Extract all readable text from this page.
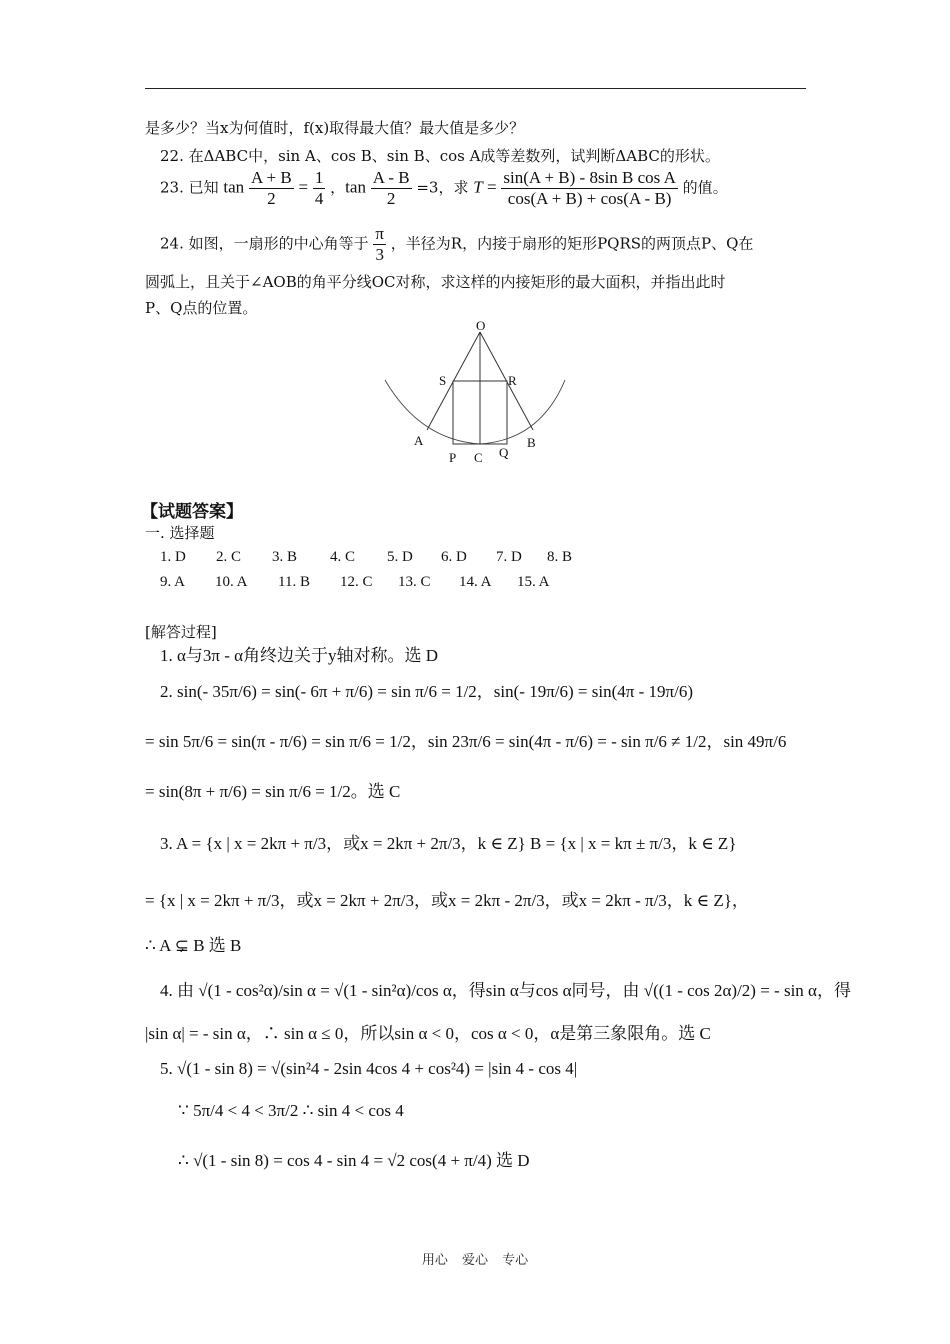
是多少？当x为何值时，f(x)取得最大值？最大值是多少？
22. 在ΔABC中，sin A、cos B、sin B、cos A成等差数列，试判断ΔABC的形状。
23. 已知 $\tan \frac{A + B}{2} = \frac{1}{4}$ ，$\tan \frac{A - B}{2} =3$，求 $T = \frac{\text{sin(A + B) - 8sin B cos A}}{\cos(A + B) + \cos(A - B)}$ 的值。
24. 如图，一扇形的中心角等于 $\frac{\pi}{3}$ ，半径为R，内接于扇形的矩形PQRS的两顶点P、Q在
圆弧上，且关于∠AOB的角平分线OC对称，求这样的内接矩形的最大面积，并指出此时
P、Q点的位置。
O
S	R
A	B
P C Q
【试题答案】
一. 选择题
1. D 2. C 3. B 4. C 5. D 6. D 7. D 8. B
9. A 10. A 11. B 12. C 13. C 14. A 15. A
[解答过程]
1. α与3π - α角终边关于y轴对称。选 D
2. sin(- 35π/6) = sin(- 6π + π/6) = sin π/6 = 1/2，sin(- 19π/6) = sin(4π - 19π/6)
= sin 5π/6 = sin(π - π/6) = sin π/6 = 1/2，sin 23π/6 = sin(4π - π/6) = - sin π/6 ≠ 1/2，sin 49π/6
= sin(8π + π/6) = sin π/6 = 1/2。选 C
3. A = {x | x = 2kπ + π/3，或x = 2kπ + 2π/3，k ∈ Z} B = {x | x = kπ ± π/3，k ∈ Z}
= {x | x = 2kπ + π/3，或x = 2kπ + 2π/3，或x = 2kπ - 2π/3，或x = 2kπ - π/3，k ∈ Z}，
∴ A ⊊ B 选 B
4. 由 √(1 - cos²α)/sin α = √(1 - sin²α)/cos α，得sin α与cos α同号，由 √((1 - cos 2α)/2) = - sin α，得
|sin α| = - sin α，∴ sin α ≤ 0，所以sin α < 0，cos α < 0，α是第三象限角。选 C
5. √(1 - sin 8) = √(sin²4 - 2sin 4cos 4 + cos²4) = |sin 4 - cos 4|
∵ 5π/4 < 4 < 3π/2 ∴ sin 4 < cos 4
∴ √(1 - sin 8) = cos 4 - sin 4 = √2 cos(4 + π/4) 选 D
用心 爱心 专心
